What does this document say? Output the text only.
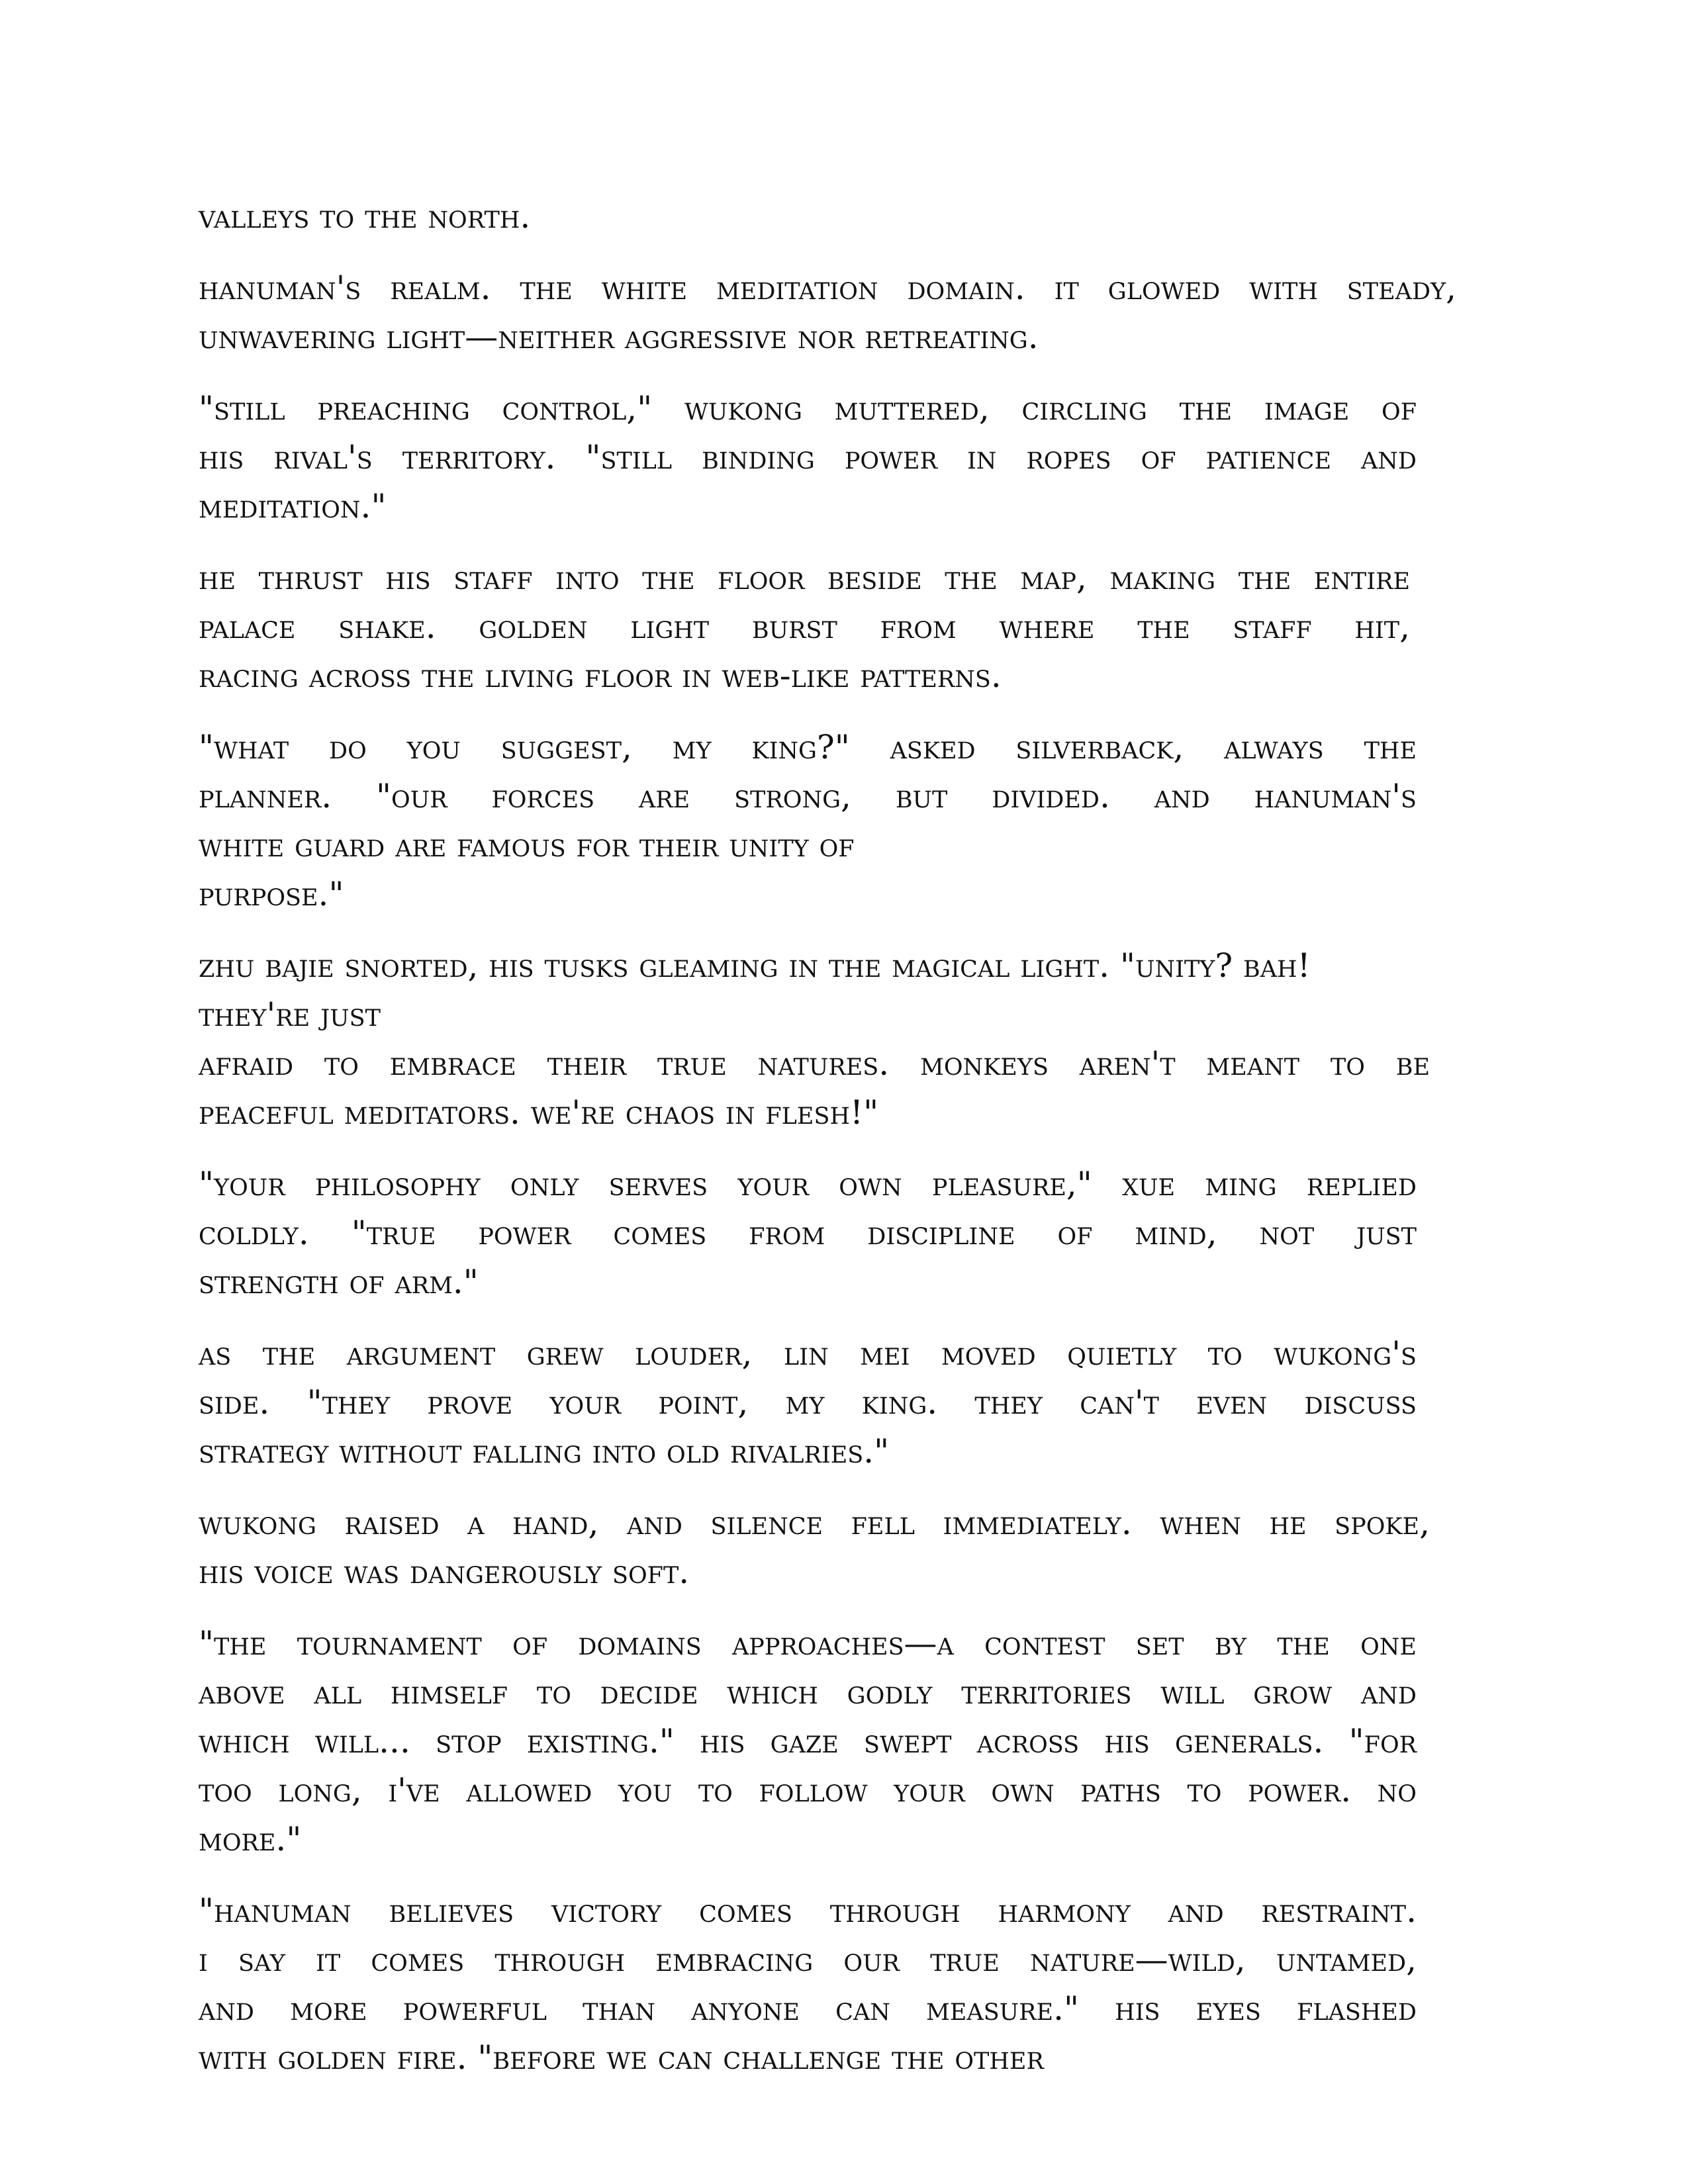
valleys to the north.

hanuman's realm. the white meditation domain. it glowed with steady,
unwavering light—neither aggressive nor retreating.

"still preaching control," wukong muttered, circling the image of
his rival's territory. "still binding power in ropes of patience and
meditation."

he thrust his staff into the floor beside the map, making the entire
palace shake. golden light burst from where the staff hit,
racing across the living floor in web-like patterns.

"what do you suggest, my king?" asked silverback, always the
planner. "our forces are strong, but divided. and hanuman's
white guard are famous for their unity of
purpose."

zhu bajie snorted, his tusks gleaming in the magical light. "unity? bah!
they're just
afraid to embrace their true natures. monkeys aren't meant to be
peaceful meditators. we're chaos in flesh!"

"your philosophy only serves your own pleasure," xue ming replied
coldly. "true power comes from discipline of mind, not just
strength of arm."

as the argument grew louder, lin mei moved quietly to wukong's
side. "they prove your point, my king. they can't even discuss
strategy without falling into old rivalries."

wukong raised a hand, and silence fell immediately. when he spoke,
his voice was dangerously soft.

"the tournament of domains approaches—a contest set by the one
above all himself to decide which godly territories will grow and
which will... stop existing." his gaze swept across his generals. "for
too long, i've allowed you to follow your own paths to power. no
more."

"hanuman believes victory comes through harmony and restraint.
i say it comes through embracing our true nature—wild, untamed,
and more powerful than anyone can measure." his eyes flashed
with golden fire. "before we can challenge the other
